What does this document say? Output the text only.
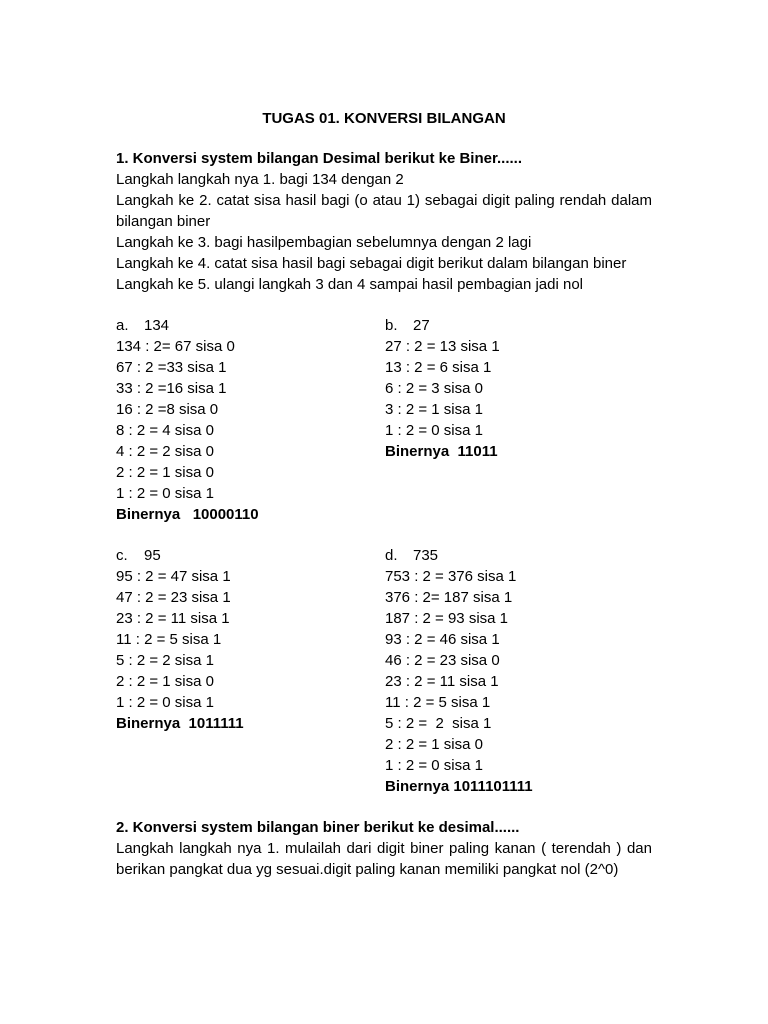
TUGAS 01. KONVERSI BILANGAN

1. Konversi system bilangan Desimal berikut ke Biner......

Langkah langkah nya 1. bagi 134 dengan 2

Langkah ke 2. catat sisa hasil bagi (o atau 1) sebagai digit paling rendah dalam bilangan biner

Langkah ke 3. bagi hasilpembagian sebelumnya dengan 2 lagi

Langkah ke 4. catat sisa hasil bagi sebagai digit berikut dalam bilangan biner

Langkah ke 5. ulangi langkah 3 dan 4 sampai hasil pembagian jadi nol

a. 134

134 : 2= 67 sisa 0

67 : 2 =33 sisa 1

33 : 2 =16 sisa 1

16 : 2 =8 sisa 0

8 : 2 = 4 sisa 0

4 : 2 = 2 sisa 0

2 : 2 = 1 sisa 0

1 : 2 = 0 sisa 1

Binernya   10000110

b. 27

27 : 2 = 13 sisa 1

13 : 2 = 6 sisa 1

6 : 2 = 3 sisa 0

3 : 2 = 1 sisa 1

1 : 2 = 0 sisa 1

Binernya  11011

c. 95

95 : 2 = 47 sisa 1

47 : 2 = 23 sisa 1

23 : 2 = 11 sisa 1

11 : 2 = 5 sisa 1

5 : 2 = 2 sisa 1

2 : 2 = 1 sisa 0

1 : 2 = 0 sisa 1

Binernya  1011111

d. 735

753 : 2 = 376 sisa 1

376 : 2= 187 sisa 1

187 : 2 = 93 sisa 1

93 : 2 = 46 sisa 1

46 : 2 = 23 sisa 0

23 : 2 = 11 sisa 1

11 : 2 = 5 sisa 1

5 : 2 =  2  sisa 1

2 : 2 = 1 sisa 0

1 : 2 = 0 sisa 1

Binernya 1011101111

2. Konversi system bilangan biner berikut ke desimal......

Langkah langkah nya 1. mulailah dari digit biner paling kanan ( terendah ) dan berikan pangkat dua yg sesuai.digit paling kanan memiliki pangkat nol (2^0)
